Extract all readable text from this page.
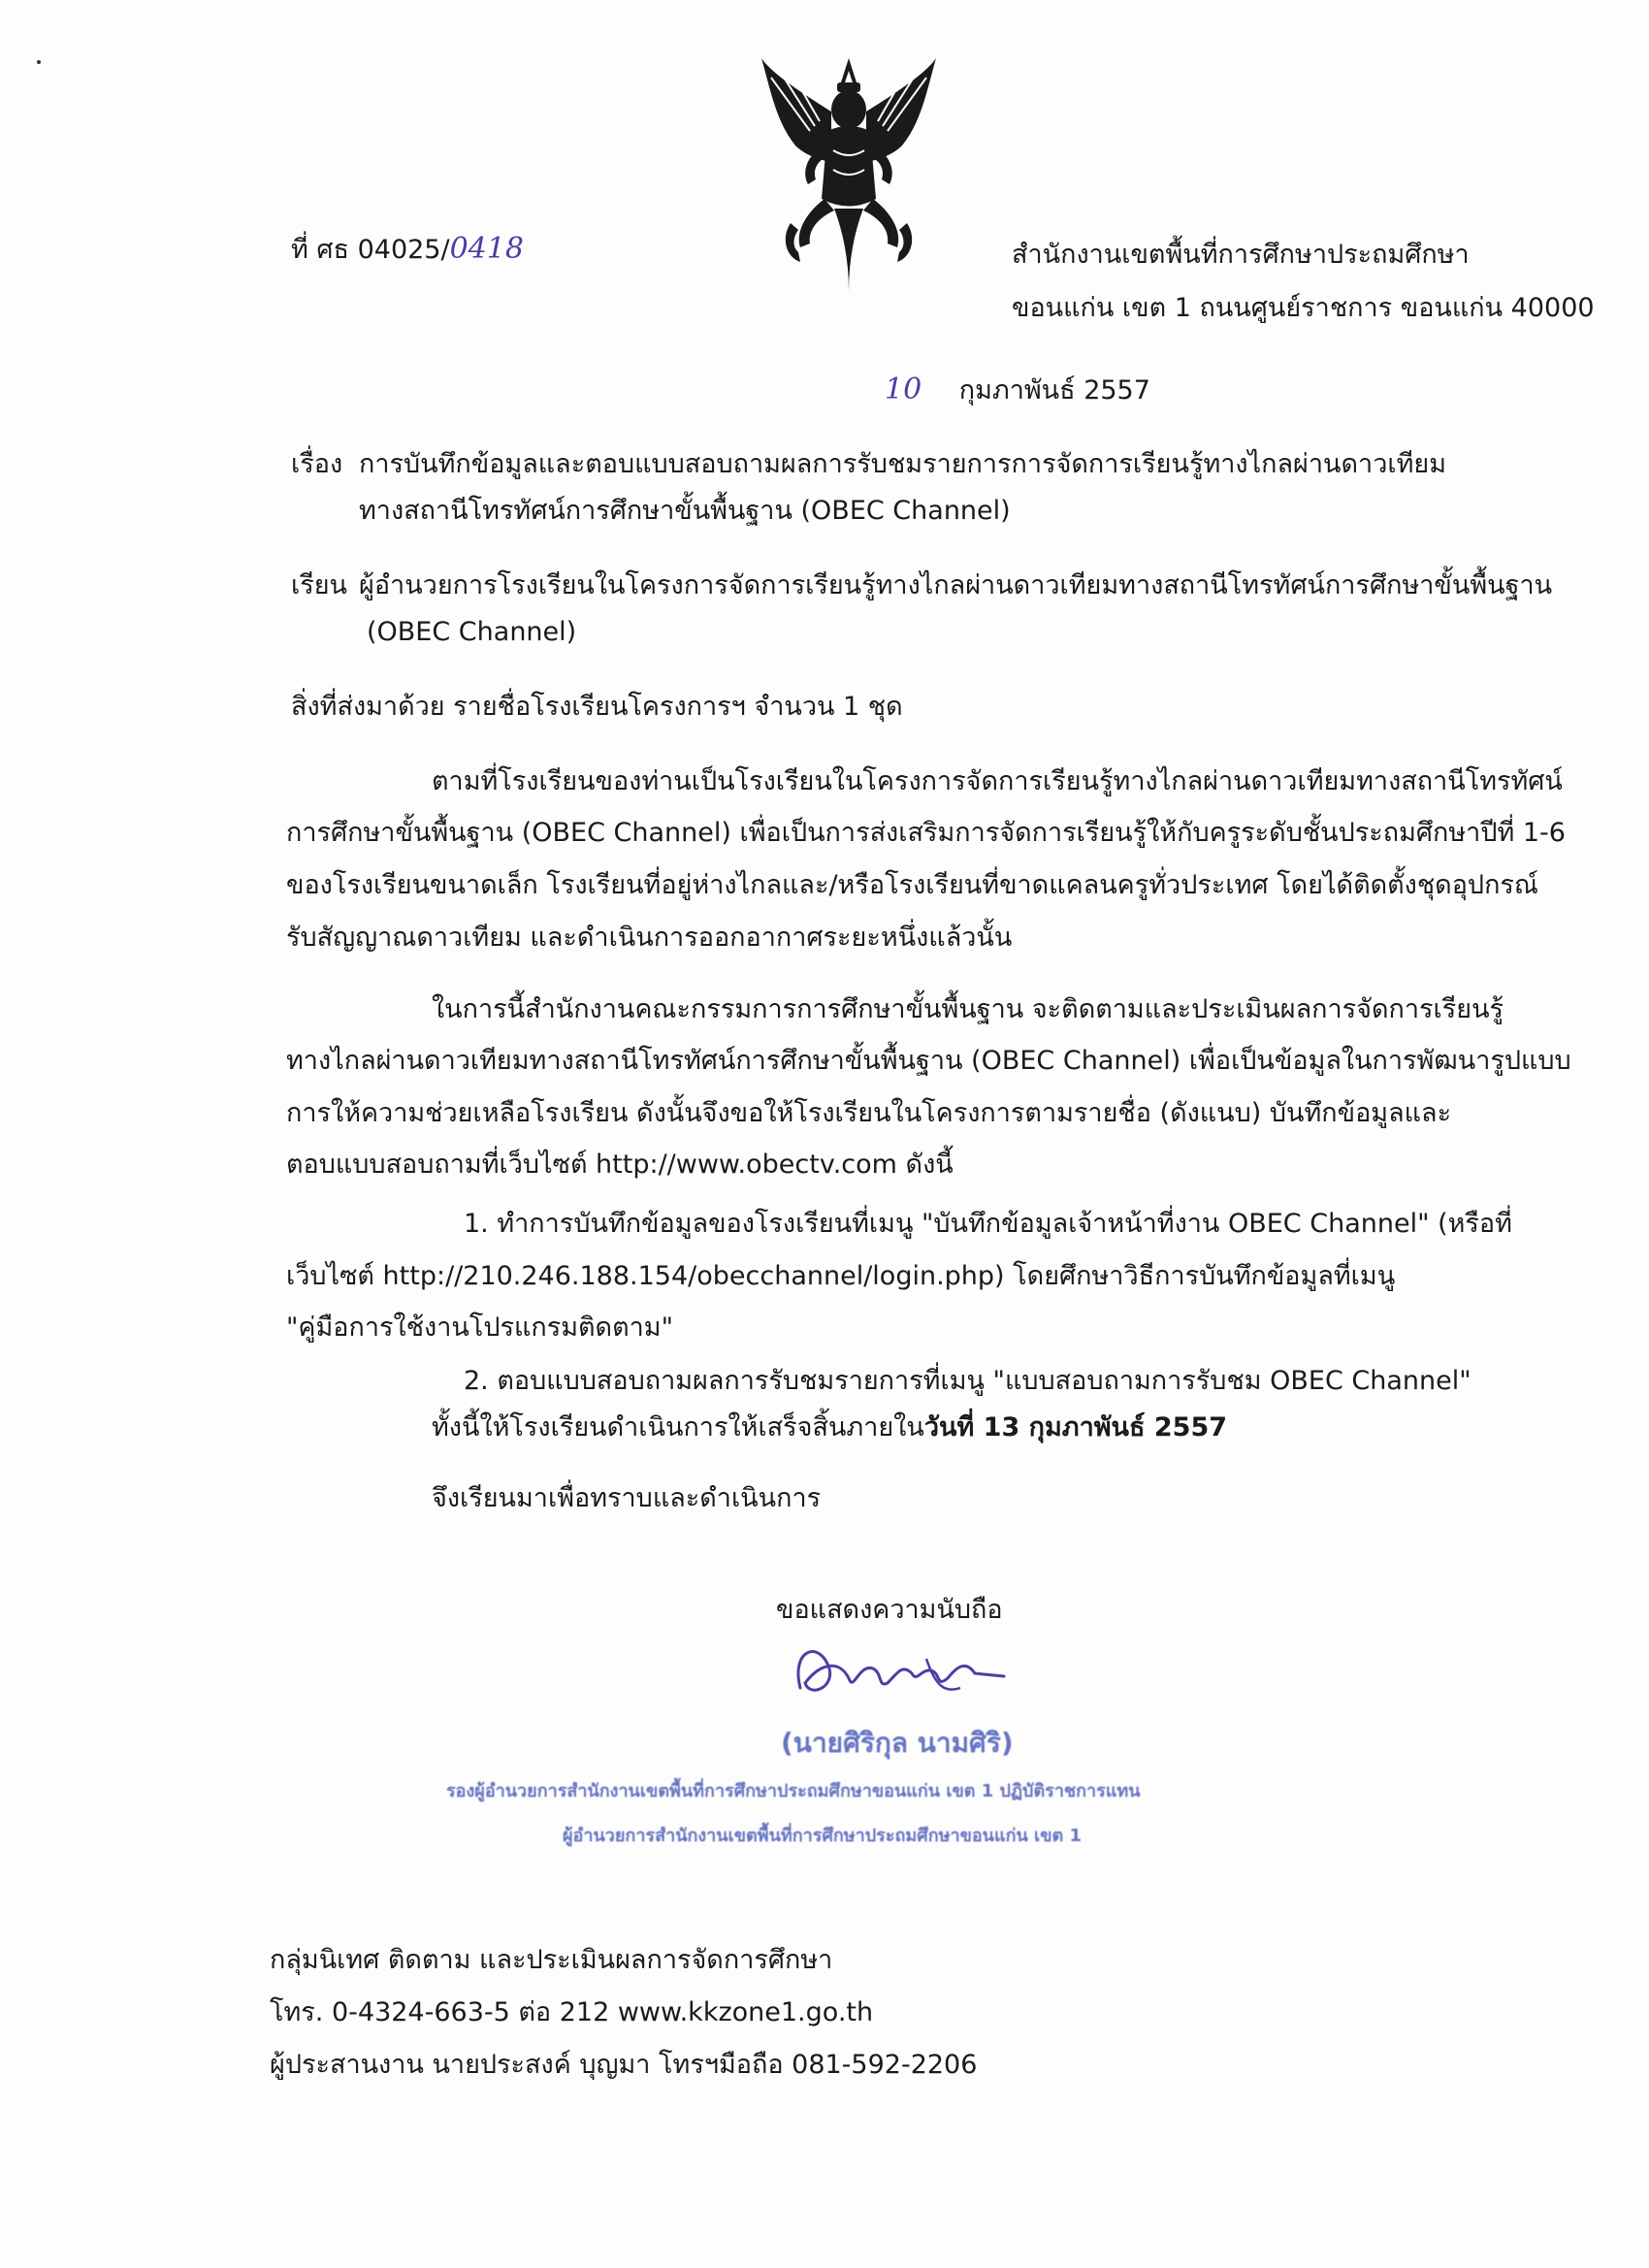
ที่ ศธ 04025/0418	สำนักงานเขตพื้นที่การศึกษาประถมศึกษา
ขอนแก่น เขต 1 ถนนศูนย์ราชการ ขอนแก่น 40000
10 กุมภาพันธ์ 2557
เรื่อง การบันทึกข้อมูลและตอบแบบสอบถามผลการรับชมรายการการจัดการเรียนรู้ทางไกลผ่านดาวเทียม
ทางสถานีโทรทัศน์การศึกษาขั้นพื้นฐาน (OBEC Channel)
เรียน ผู้อำนวยการโรงเรียนในโครงการจัดการเรียนรู้ทางไกลผ่านดาวเทียมทางสถานีโทรทัศน์การศึกษาขั้นพื้นฐาน
(OBEC Channel)
สิ่งที่ส่งมาด้วย รายชื่อโรงเรียนโครงการฯ จำนวน 1 ชุด
ตามที่โรงเรียนของท่านเป็นโรงเรียนในโครงการจัดการเรียนรู้ทางไกลผ่านดาวเทียมทางสถานีโทรทัศน์
การศึกษาขั้นพื้นฐาน (OBEC Channel) เพื่อเป็นการส่งเสริมการจัดการเรียนรู้ให้กับครูระดับชั้นประถมศึกษาปีที่ 1-6
ของโรงเรียนขนาดเล็ก โรงเรียนที่อยู่ห่างไกลและ/หรือโรงเรียนที่ขาดแคลนครูทั่วประเทศ โดยได้ติดตั้งชุดอุปกรณ์
รับสัญญาณดาวเทียม และดำเนินการออกอากาศระยะหนึ่งแล้วนั้น
ในการนี้สำนักงานคณะกรรมการการศึกษาขั้นพื้นฐาน จะติดตามและประเมินผลการจัดการเรียนรู้
ทางไกลผ่านดาวเทียมทางสถานีโทรทัศน์การศึกษาขั้นพื้นฐาน (OBEC Channel) เพื่อเป็นข้อมูลในการพัฒนารูปแบบ
การให้ความช่วยเหลือโรงเรียน ดังนั้นจึงขอให้โรงเรียนในโครงการตามรายชื่อ (ดังแนบ) บันทึกข้อมูลและ
ตอบแบบสอบถามที่เว็บไซต์ http://www.obectv.com ดังนี้
1. ทำการบันทึกข้อมูลของโรงเรียนที่เมนู "บันทึกข้อมูลเจ้าหน้าที่งาน OBEC Channel" (หรือที่
เว็บไซต์ http://210.246.188.154/obecchannel/login.php) โดยศึกษาวิธีการบันทึกข้อมูลที่เมนู
"คู่มือการใช้งานโปรแกรมติดตาม"
2. ตอบแบบสอบถามผลการรับชมรายการที่เมนู "แบบสอบถามการรับชม OBEC Channel"
ทั้งนี้ให้โรงเรียนดำเนินการให้เสร็จสิ้นภายในวันที่ 13 กุมภาพันธ์ 2557
จึงเรียนมาเพื่อทราบและดำเนินการ
ขอแสดงความนับถือ
(นายศิริกุล นามศิริ)
รองผู้อำนวยการสำนักงานเขตพื้นที่การศึกษาประถมศึกษาขอนแก่น เขต 1 ปฏิบัติราชการแทน
ผู้อำนวยการสำนักงานเขตพื้นที่การศึกษาประถมศึกษาขอนแก่น เขต 1
กลุ่มนิเทศ ติดตาม และประเมินผลการจัดการศึกษา
โทร. 0-4324-663-5 ต่อ 212 www.kkzone1.go.th
ผู้ประสานงาน นายประสงค์ บุญมา โทรฯมือถือ 081-592-2206
